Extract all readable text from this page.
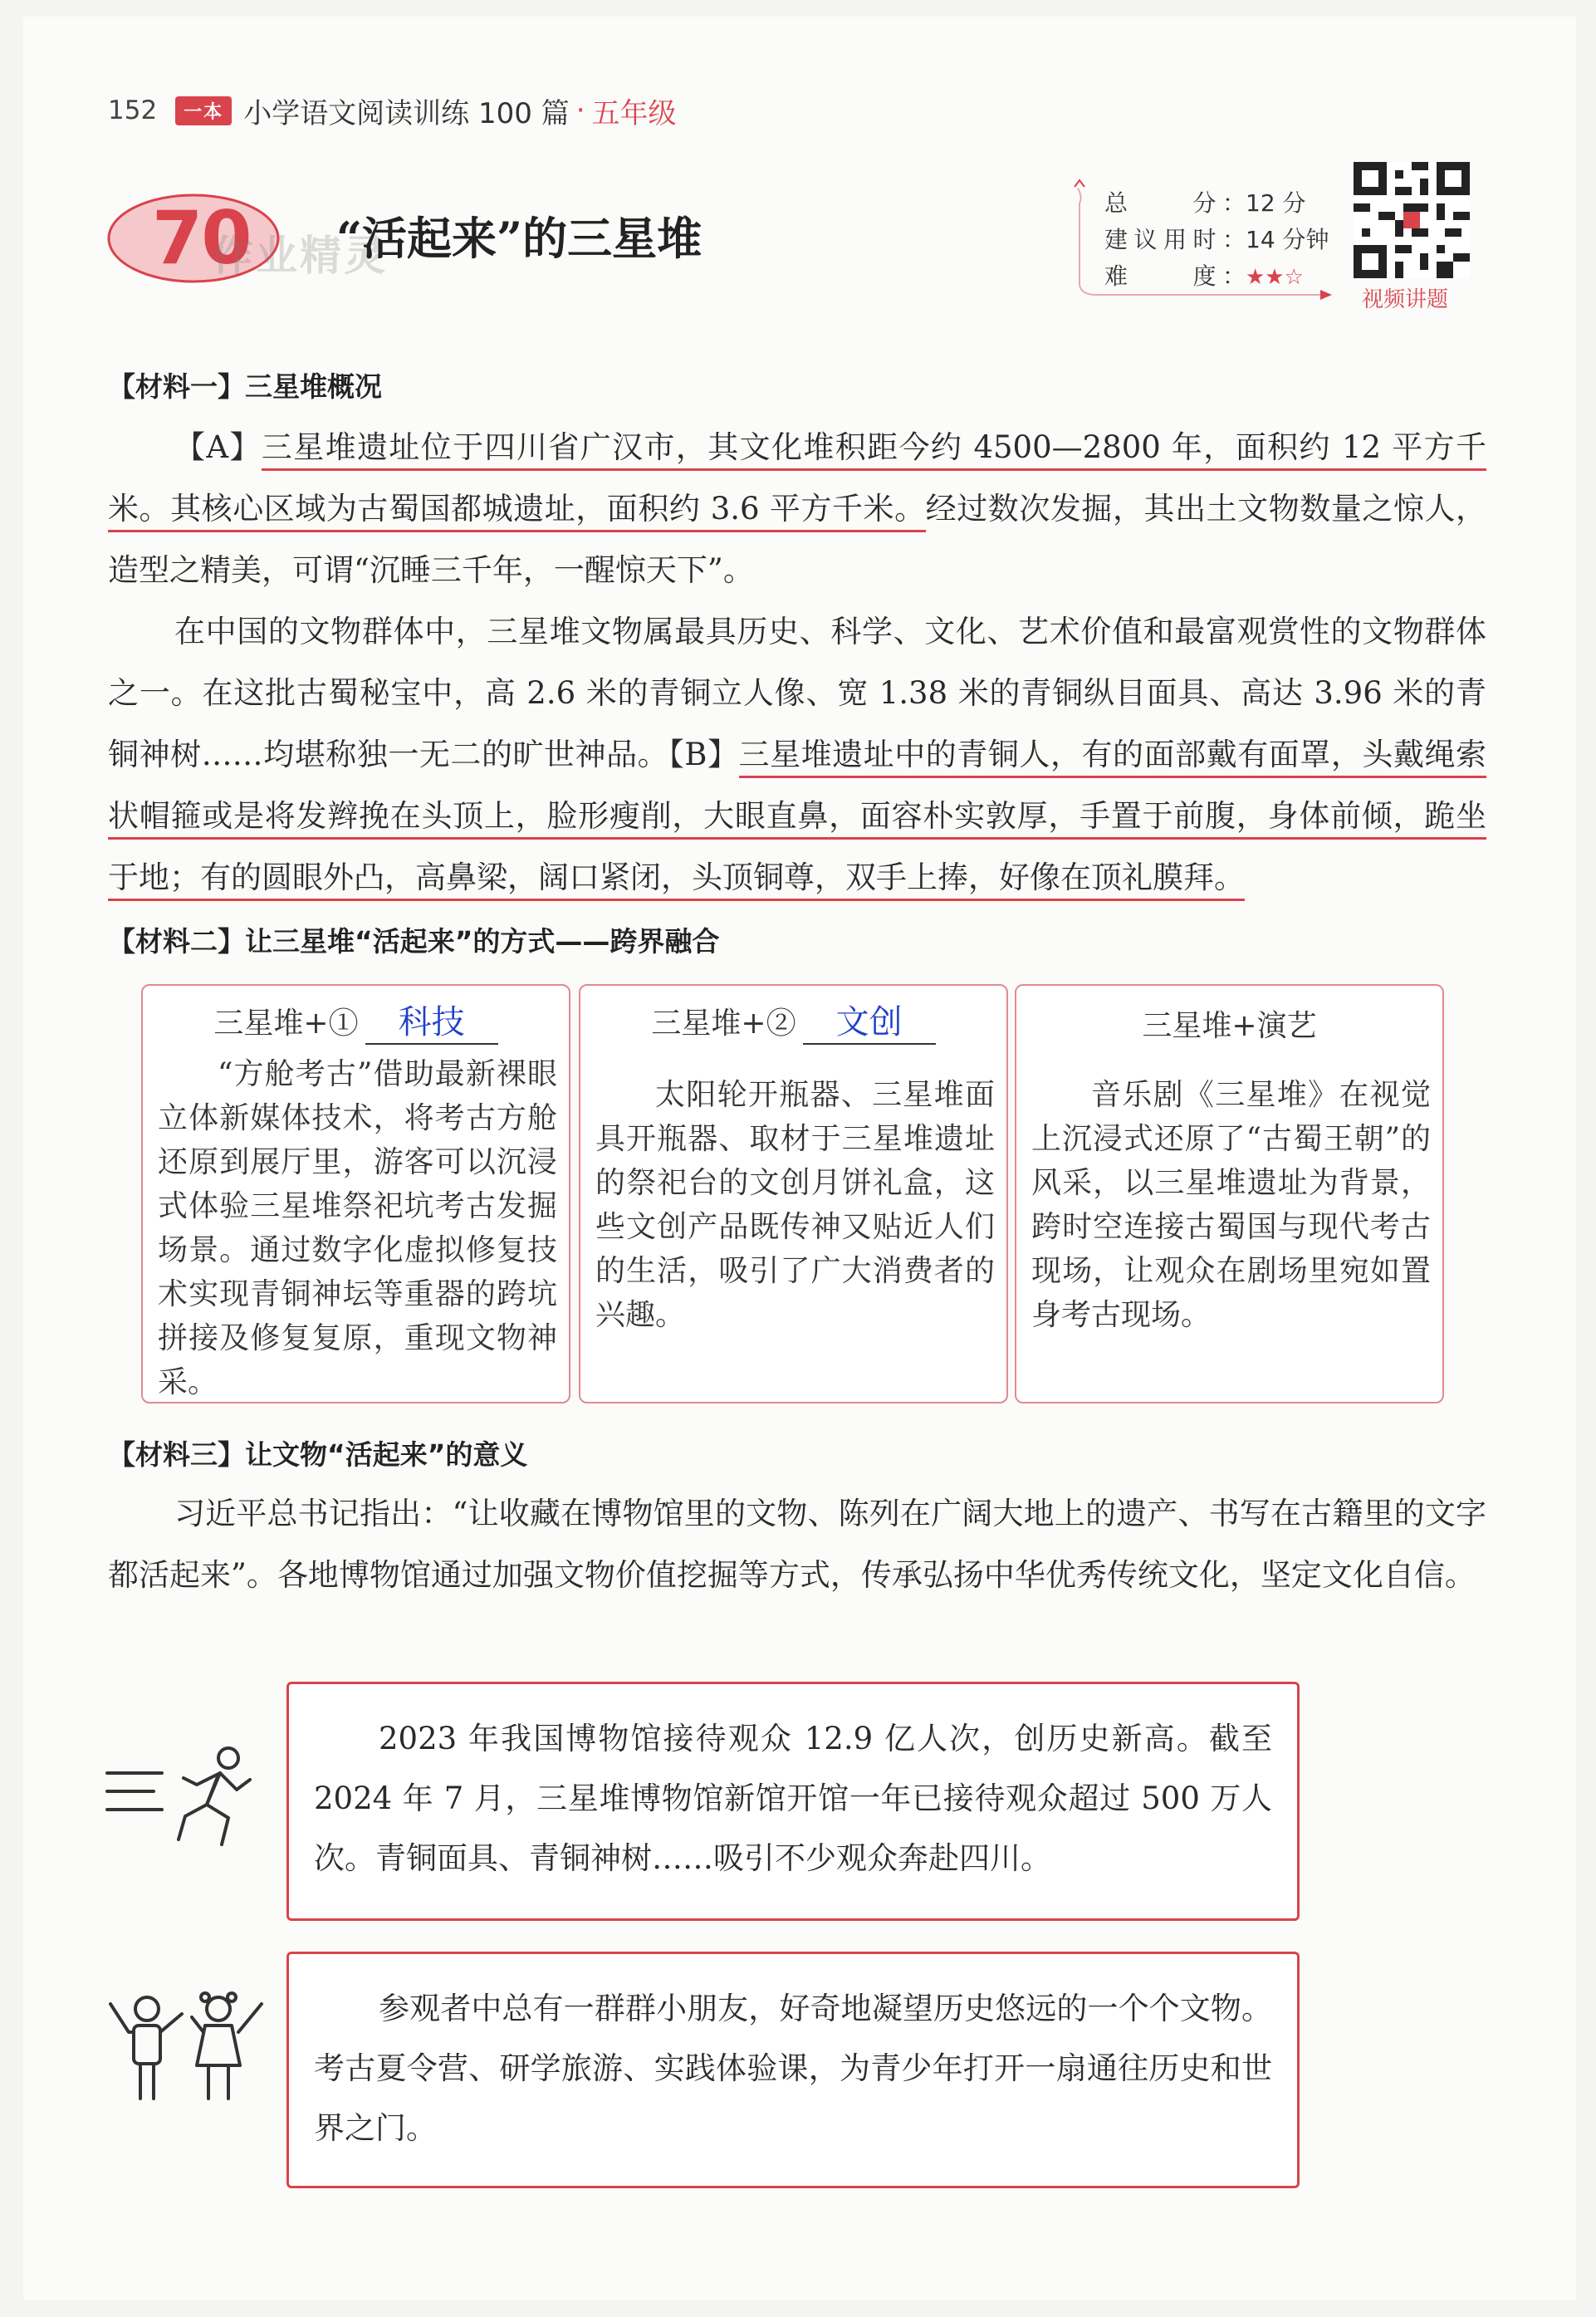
152	一本 小学语文阅读训练 100 篇 · 五年级
70
作业精灵
“活起来”的三星堆
总　　分：12 分
建议用时：14 分钟
难　　度：★★☆
视频讲题
【材料一】三星堆概况
【A】三星堆遗址位于四川省广汉市，其文化堆积距今约 4500—2800 年，面积约 12 平方千米。其核心区域为古蜀国都城遗址，面积约 3.6 平方千米。经过数次发掘，其出土文物数量之惊人，造型之精美，可谓“沉睡三千年，一醒惊天下”。
在中国的文物群体中，三星堆文物属最具历史、科学、文化、艺术价值和最富观赏性的文物群体之一。在这批古蜀秘宝中，高 2.6 米的青铜立人像、宽 1.38 米的青铜纵目面具、高达 3.96 米的青铜神树……均堪称独一无二的旷世神品。【B】三星堆遗址中的青铜人，有的面部戴有面罩，头戴绳索状帽箍或是将发辫挽在头顶上，脸形瘦削，大眼直鼻，面容朴实敦厚，手置于前腹，身体前倾，跪坐于地；有的圆眼外凸，高鼻梁，阔口紧闭，头顶铜尊，双手上捧，好像在顶礼膜拜。
【材料二】让三星堆“活起来”的方式——跨界融合
三星堆+① 科技
“方舱考古”借助最新裸眼立体新媒体技术，将考古方舱还原到展厅里，游客可以沉浸式体验三星堆祭祀坑考古发掘场景。通过数字化虚拟修复技术实现青铜神坛等重器的跨坑拼接及修复复原，重现文物神采。
三星堆+② 文创
太阳轮开瓶器、三星堆面具开瓶器、取材于三星堆遗址的祭祀台的文创月饼礼盒，这些文创产品既传神又贴近人们的生活，吸引了广大消费者的兴趣。
三星堆+演艺
音乐剧《三星堆》在视觉上沉浸式还原了“古蜀王朝”的风采，以三星堆遗址为背景，跨时空连接古蜀国与现代考古现场，让观众在剧场里宛如置身考古现场。
【材料三】让文物“活起来”的意义
习近平总书记指出：“让收藏在博物馆里的文物、陈列在广阔大地上的遗产、书写在古籍里的文字都活起来”。各地博物馆通过加强文物价值挖掘等方式，传承弘扬中华优秀传统文化，坚定文化自信。

2023 年我国博物馆接待观众 12.9 亿人次，创历史新高。截至 2024 年 7 月，三星堆博物馆新馆开馆一年已接待观众超过 500 万人次。青铜面具、青铜神树……吸引不少观众奔赴四川。

参观者中总有一群群小朋友，好奇地凝望历史悠远的一个个文物。考古夏令营、研学旅游、实践体验课，为青少年打开一扇通往历史和世界之门。
